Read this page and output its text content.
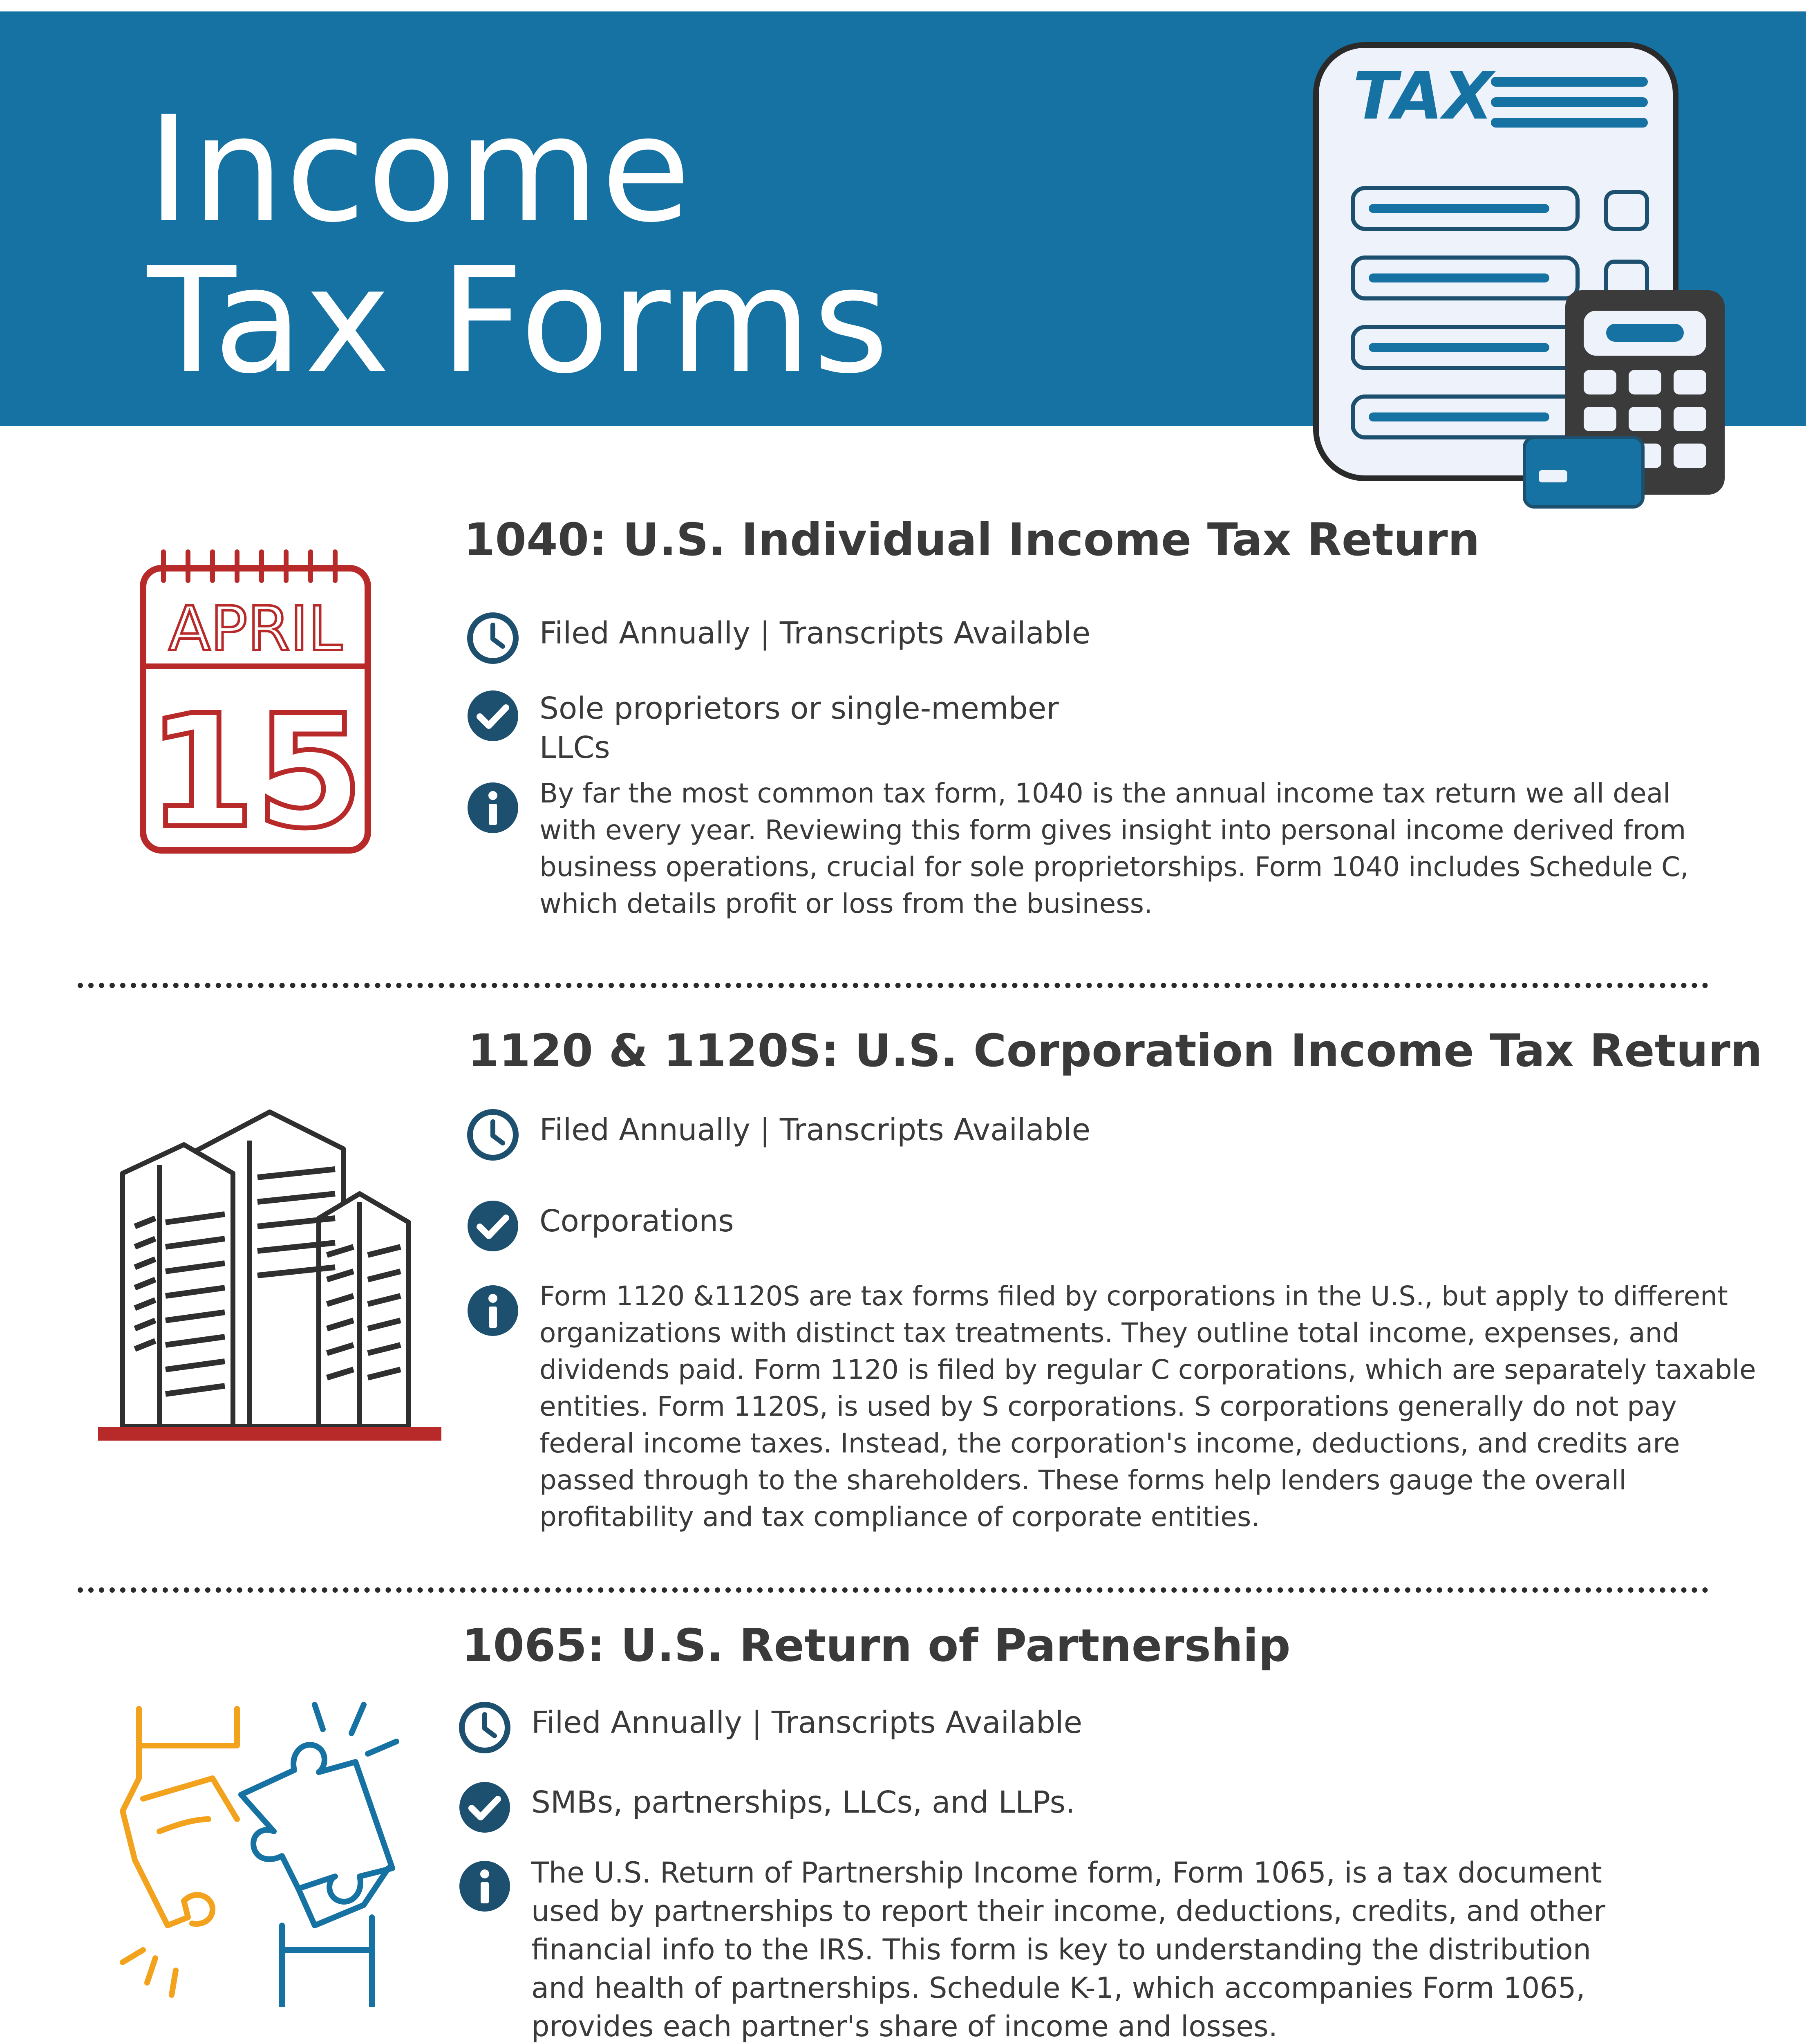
Income
Tax Forms
TAX
APRIL
15
1040: U.S. Individual Income Tax Return

Filed Annually | Transcripts Available

Sole proprietors or single-member LLCs

By far the most common tax form, 1040 is the annual income tax return we all deal with every year. Reviewing this form gives insight into personal income derived from business operations, crucial for sole proprietorships. Form 1040 includes Schedule C, which details profit or loss from the business.

1120 & 1120S: U.S. Corporation Income Tax Return

Filed Annually | Transcripts Available

Corporations

Form 1120 &1120S are tax forms filed by corporations in the U.S., but apply to different organizations with distinct tax treatments. They outline total income, expenses, and dividends paid. Form 1120 is filed by regular C corporations, which are separately taxable entities. Form 1120S, is used by S corporations. S corporations generally do not pay federal income taxes. Instead, the corporation's income, deductions, and credits are passed through to the shareholders. These forms help lenders gauge the overall profitability and tax compliance of corporate entities.

1065: U.S. Return of Partnership

Filed Annually | Transcripts Available

SMBs, partnerships, LLCs, and LLPs.

The U.S. Return of Partnership Income form, Form 1065, is a tax document used by partnerships to report their income, deductions, credits, and other financial info to the IRS. This form is key to understanding the distribution and health of partnerships. Schedule K-1, which accompanies Form 1065, provides each partner's share of income and losses.
